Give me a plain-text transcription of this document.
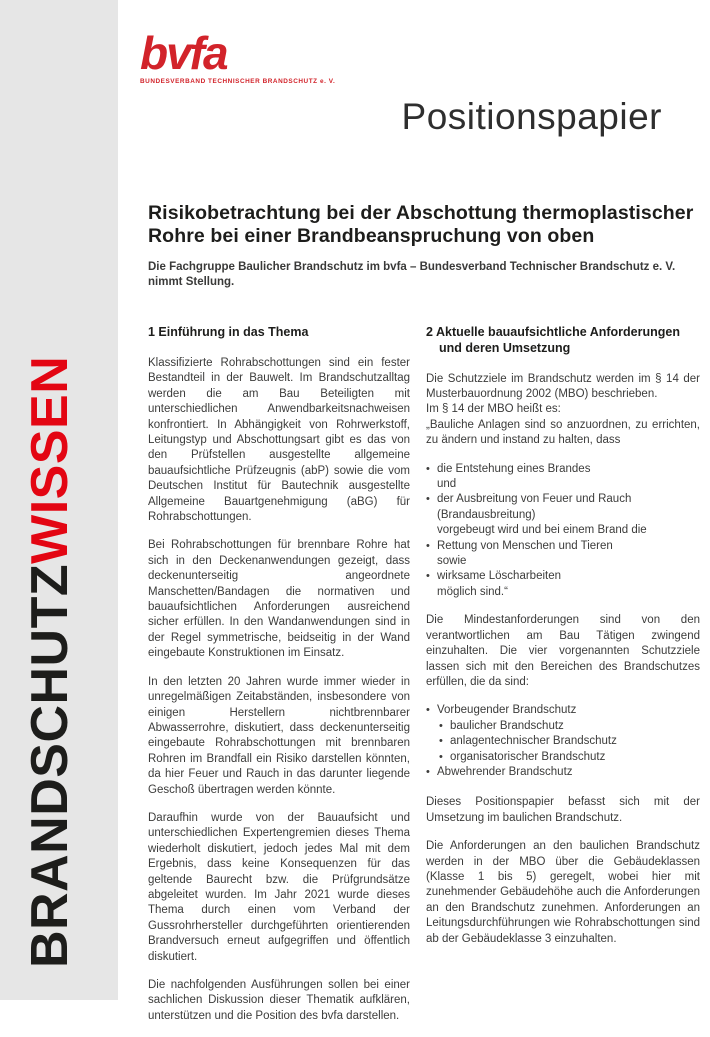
BRANDSCHUTZWISSEN
bvfa
BUNDESVERBAND TECHNISCHER BRANDSCHUTZ e. V.
Positionspapier
Risikobetrachtung bei der Abschottung thermoplastischer Rohre bei einer Brandbeanspruchung von oben

Die Fachgruppe Baulicher Brandschutz im bvfa – Bundesverband Technischer Brandschutz e. V. nimmt Stellung.

1 Einführung in das Thema

Klassifizierte Rohrabschottungen sind ein fester Bestandteil in der Bauwelt. Im Brandschutzalltag werden die am Bau Beteiligten mit unterschiedlichen Anwendbarkeitsnachweisen konfrontiert. In Abhängigkeit von Rohrwerkstoff, Leitungstyp und Abschottungsart gibt es das von den Prüfstellen ausgestellte allgemeine bauaufsichtliche Prüfzeugnis (abP) sowie die vom Deutschen Institut für Bautechnik ausgestellte Allgemeine Bauartgenehmigung (aBG) für Rohrabschottungen.

Bei Rohrabschottungen für brennbare Rohre hat sich in den Deckenanwendungen gezeigt, dass deckenunterseitig angeordnete Manschetten/Bandagen die normativen und bauaufsichtlichen Anforderungen ausreichend sicher erfüllen. In den Wandanwendungen sind in der Regel symmetrische, beidseitig in der Wand eingebaute Konstruktionen im Einsatz.

In den letzten 20 Jahren wurde immer wieder in unregelmäßigen Zeitabständen, insbesondere von einigen Herstellern nichtbrennbarer Abwasserrohre, diskutiert, dass deckenunterseitig eingebaute Rohrabschottungen mit brennbaren Rohren im Brandfall ein Risiko darstellen könnten, da hier Feuer und Rauch in das darunter liegende Geschoß übertragen werden könnte.

Daraufhin wurde von der Bauaufsicht und unterschiedlichen Expertengremien dieses Thema wiederholt diskutiert, jedoch jedes Mal mit dem Ergebnis, dass keine Konsequenzen für das geltende Baurecht bzw. die Prüfgrundsätze abgeleitet wurden. Im Jahr 2021 wurde dieses Thema durch einen vom Verband der Gussrohrhersteller durchgeführten orientierenden Brandversuch erneut aufgegriffen und öffentlich diskutiert.

Die nachfolgenden Ausführungen sollen bei einer sachlichen Diskussion dieser Thematik aufklären, unterstützen und die Position des bvfa darstellen.

2 Aktuelle bauaufsichtliche Anforderungen und deren Umsetzung
Die Schutzziele im Brandschutz werden im § 14 der Musterbauordnung 2002 (MBO) beschrieben.
Im § 14 der MBO heißt es:
„Bauliche Anlagen sind so anzuordnen, zu errichten, zu ändern und instand zu halten, dass
• die Entstehung eines Brandes
und
• der Ausbreitung von Feuer und Rauch
(Brandausbreitung)
vorgebeugt wird und bei einem Brand die
• Rettung von Menschen und Tieren
sowie
• wirksame Löscharbeiten
möglich sind.“

Die Mindestanforderungen sind von den verantwortlichen am Bau Tätigen zwingend einzuhalten. Die vier vorgenannten Schutzziele lassen sich mit den Bereichen des Brandschutzes erfüllen, die da sind:

• Vorbeugender Brandschutz
• baulicher Brandschutz
• anlagentechnischer Brandschutz
• organisatorischer Brandschutz
• Abwehrender Brandschutz

Dieses Positionspapier befasst sich mit der Umsetzung im baulichen Brandschutz.

Die Anforderungen an den baulichen Brandschutz werden in der MBO über die Gebäudeklassen (Klasse 1 bis 5) geregelt, wobei hier mit zunehmender Gebäudehöhe auch die Anforderungen an den Brandschutz zunehmen. Anforderungen an Leitungsdurchführungen wie Rohrabschottungen sind ab der Gebäudeklasse 3 einzuhalten.
